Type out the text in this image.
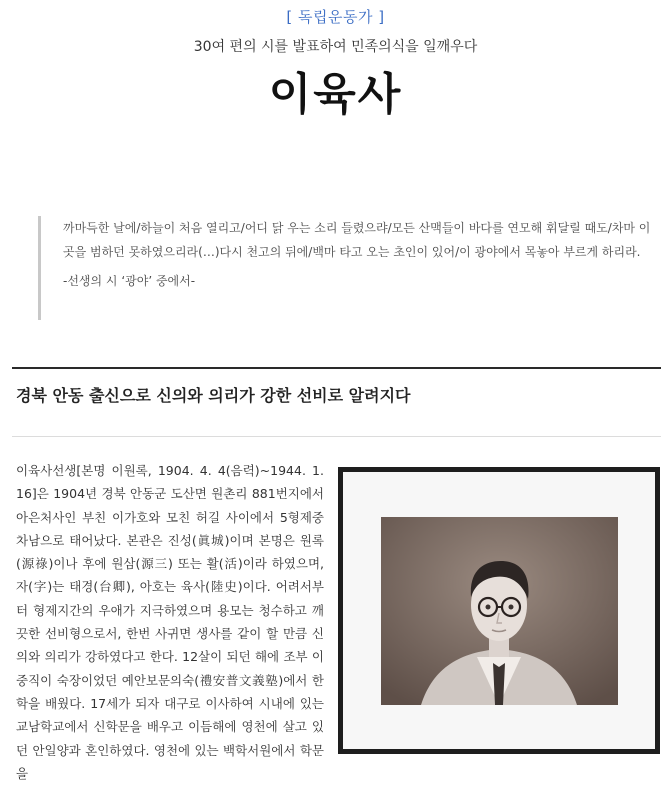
[ 독립운동가 ]
30여 편의 시를 발표하여 민족의식을 일깨우다
이육사

까마득한 날에/하늘이 처음 열리고/어디 닭 우는 소리 들렸으랴/모든 산맥들이 바다를 연모해 휘달릴 때도/차마 이곳을 범하던 못하였으리라(…)다시 천고의 뒤에/백마 타고 오는 초인이 있어/이 광야에서 목놓아 부르게 하리라.

-선생의 시 ‘광야’ 중에서-
경북 안동 출신으로 신의와 의리가 강한 선비로 알려지다
이육사선생[본명 이원록, 1904. 4. 4(음력)~1944. 1. 16]은 1904년 경북 안동군 도산면 원촌리 881번지에서 아은처사인 부친 이가호와 모친 허길 사이에서 5형제중 차남으로 태어났다. 본관은 진성(眞城)이며 본명은 원록(源祿)이나 후에 원삼(源三) 또는 활(活)이라 하였으며, 자(字)는 태경(台卿), 아호는 육사(陸史)이다. 어려서부터 형제지간의 우애가 지극하였으며 용모는 청수하고 깨끗한 선비형으로서, 한번 사귀면 생사를 같이 할 만큼 신의와 의리가 강하였다고 한다. 12살이 되던 해에 조부 이중직이 숙장이었던 예안보문의숙(禮安普文義塾)에서 한학을 배웠다. 17세가 되자 대구로 이사하여 시내에 있는 교남학교에서 신학문을 배우고 이듬해에 영천에 살고 있던 안일양과 혼인하였다. 영천에 있는 백학서원에서 학문을
